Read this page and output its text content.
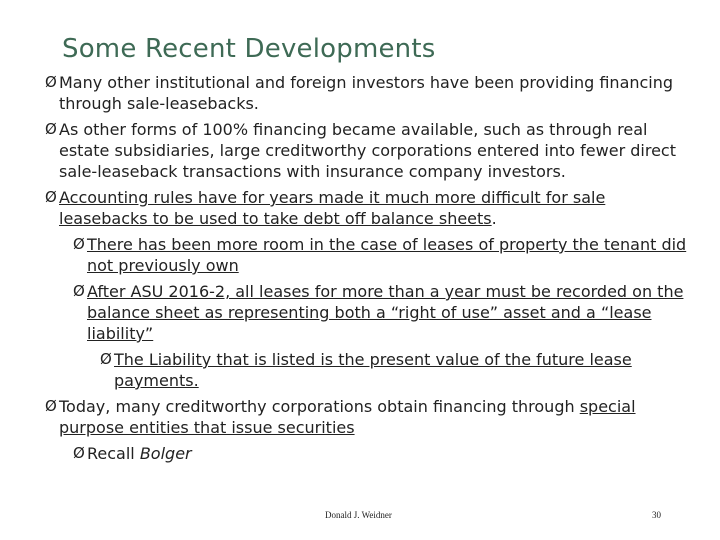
Some Recent Developments
Ø Many other institutional and foreign investors have been providing financing through sale-leasebacks.
Ø As other forms of 100% financing became available, such as through real estate subsidiaries, large creditworthy corporations entered into fewer direct sale-leaseback transactions with insurance company investors.
Ø Accounting rules have for years made it much more difficult for sale leasebacks to be used to take debt off balance sheets.
Ø There has been more room in the case of leases of property the tenant did not previously own
Ø After ASU 2016-2, all leases for more than a year must be recorded on the balance sheet as representing both a “right of use” asset and a “lease liability”
Ø The Liability that is listed is the present value of the future lease payments.
Ø Today, many creditworthy corporations obtain financing through special purpose entities that issue securities
Ø Recall Bolger
Donald J. Weidner	30
